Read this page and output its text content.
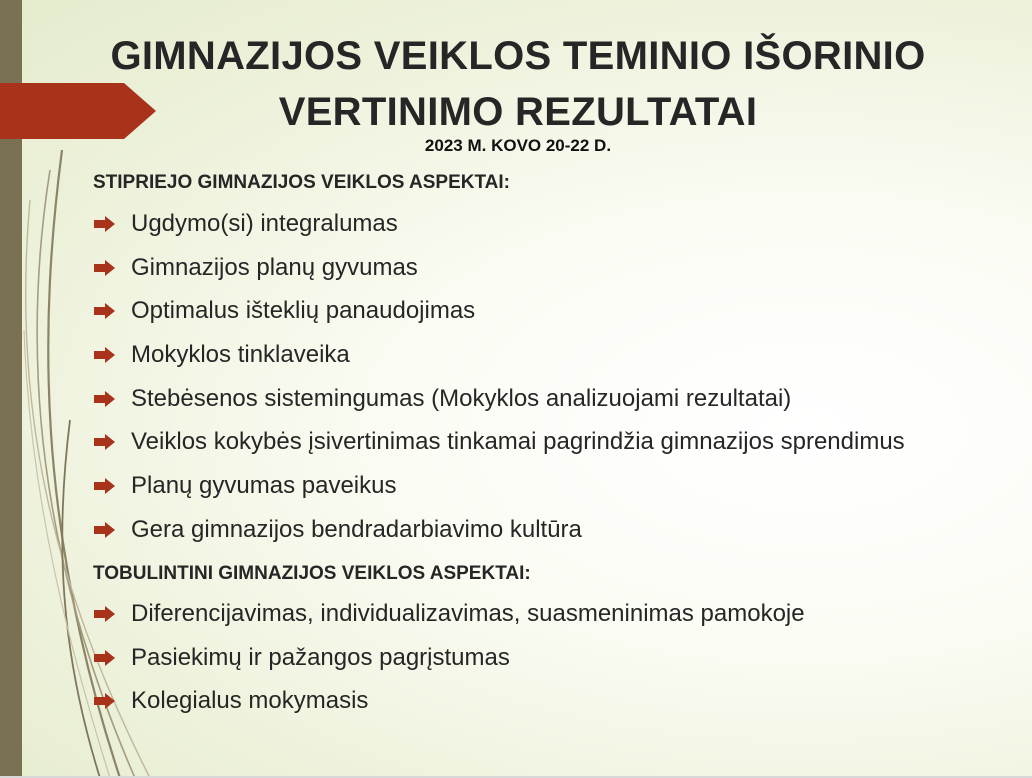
GIMNAZIJOS VEIKLOS TEMINIO IŠORINIO
VERTINIMO REZULTATAI
2023 M. KOVO 20-22 D.
STIPRIEJO GIMNAZIJOS VEIKLOS ASPEKTAI:
Ugdymo(si) integralumas
Gimnazijos planų gyvumas
Optimalus išteklių panaudojimas
Mokyklos tinklaveika
Stebėsenos sistemingumas (Mokyklos analizuojami rezultatai)
Veiklos kokybės įsivertinimas tinkamai pagrindžia gimnazijos sprendimus
Planų gyvumas paveikus
Gera gimnazijos bendradarbiavimo kultūra
TOBULINTINI GIMNAZIJOS VEIKLOS ASPEKTAI:
Diferencijavimas, individualizavimas, suasmeninimas pamokoje
Pasiekimų ir pažangos pagrįstumas
Kolegialus mokymasis
